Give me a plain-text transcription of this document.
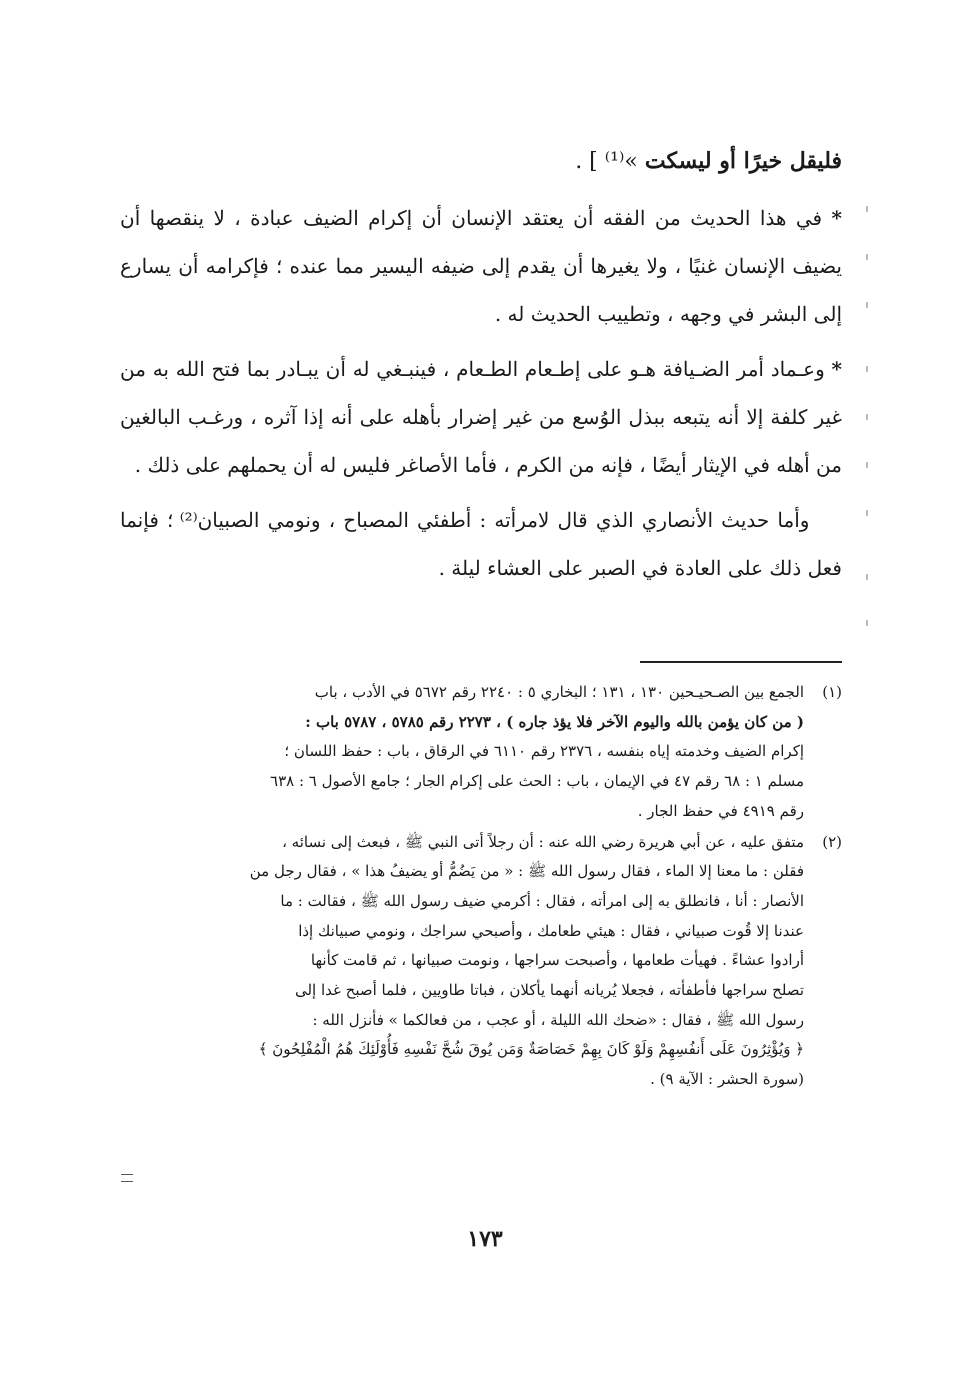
فليقل خيرًا أو ليسكت »⁽¹⁾ ] .

* في هذا الحديث من الفقه أن يعتقد الإنسان أن إكرام الضيف عبادة ، لا ينقصها أن يضيف الإنسان غنيًا ، ولا يغيرها أن يقدم إلى ضيفه اليسير مما عنده ؛ فإكرامه أن يسارع إلى البشر في وجهه ، وتطييب الحديث له .

* وعـماد أمر الضـيافة هـو على إطـعام الطـعام ، فينبـغي له أن يبـادر بما فتح الله به من غير كلفة إلا أنه يتبعه ببذل الوُسع من غير إضرار بأهله على أنه إذا آثره ، ورغـب البالغين من أهله في الإيثار أيضًا ، فإنه من الكرم ، فأما الأصاغر فليس له أن يحملهم على ذلك .

وأما حديث الأنصاري الذي قال لامرأته : أطفئي المصباح ، ونومي الصبيان⁽²⁾ ؛ فإنما فعل ذلك على العادة في الصبر على العشاء ليلة .

(١)
الجمع بين الصـحيـحين ١٣٠ ، ١٣١ ؛ البخاري ٥ : ٢٢٤٠ رقم ٥٦٧٢ في الأدب ، باب
( من كان يؤمن بالله واليوم الآخر فلا يؤذ جاره ) ، ٢٢٧٣ رقم ٥٧٨٥ ، ٥٧٨٧ باب :
إكرام الضيف وخدمته إياه بنفسه ، ٢٣٧٦ رقم ٦١١٠ في الرقاق ، باب : حفظ اللسان ؛
مسلم ١ : ٦٨ رقم ٤٧ في الإيمان ، باب : الحث على إكرام الجار ؛ جامع الأصول ٦ : ٦٣٨
رقم ٤٩١٩ في حفظ الجار .
(٢)
متفق عليه ، عن أبي هريرة رضي الله عنه : أن رجلاً أتى النبي ﷺ ، فبعث إلى نسائه ،
فقلن : ما معنا إلا الماء ، فقال رسول الله ﷺ : « من يَضُمُّ أو يضيفُ هذا » ، فقال رجل من
الأنصار : أنا ، فانطلق به إلى امرأته ، فقال : أكرمي ضيف رسول الله ﷺ ، فقالت : ما
عندنا إلا قُوت صبياني ، فقال : هيئي طعامك ، وأصبحي سراجك ، ونومي صبيانك إذا
أرادوا عشاءً . فهيأت طعامها ، وأصبحت سراجها ، ونومت صبيانها ، ثم قامت كأنها
تصلح سراجها فأطفأته ، فجعلا يُريانه أنهما يأكلان ، فباتا طاويين ، فلما أصبح غدا إلى
رسول الله ﷺ ، فقال : «ضحك الله الليلة ، أو عجب ، من فعالكما » فأنزل الله :
﴿ وَيُؤْثِرُونَ عَلَى أَنفُسِهِمْ وَلَوْ كَانَ بِهِمْ خَصَاصَةٌ وَمَن يُوقَ شُحَّ نَفْسِهِ فَأُوْلَئِكَ هُمُ الْمُفْلِحُونَ ﴾
(سورة الحشر : الآية ٩) .
١٧٣
